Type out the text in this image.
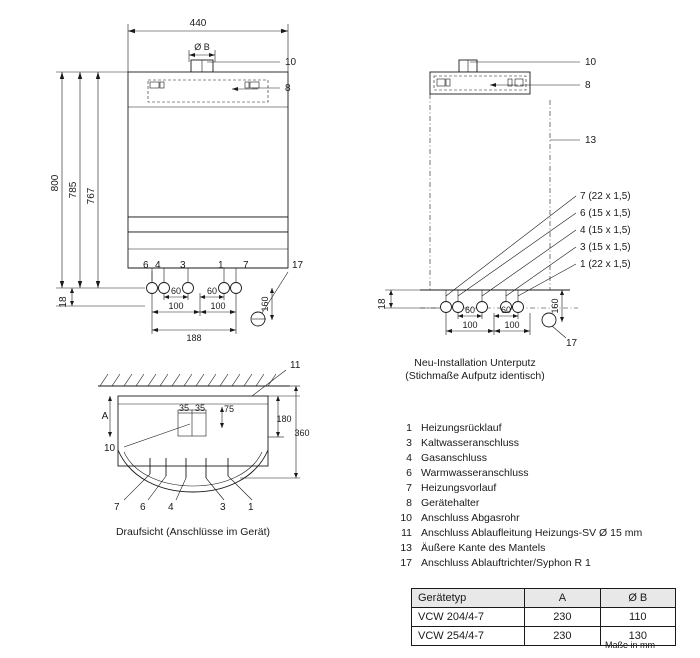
440
Ø B
6 4 3	1 7
10
8
17
800 785 767
18
60	60
100	100
188
160
17
7 (22 x 1,5)
6 (15 x 1,5)
4 (15 x 1,5)
3 (15 x 1,5)
1 (22 x 1,5)
10
8
13
18
60	60
100	100
160
Neu-Installation Unterputz
(Stichmaße Aufputz identisch)
35 35 75
7 6 4	3 1
11
10
A	180
360
Draufsicht (Anschlüsse im Gerät)
1 Heizungsrücklauf
3 Kaltwasseranschluss
4 Gasanschluss
6 Warmwasseranschluss
7 Heizungsvorlauf
8 Gerätehalter
10 Anschluss Abgasrohr
11 Anschluss Ablaufleitung Heizungs-SV Ø 15 mm
13 Äußere Kante des Mantels
17 Anschluss Ablauftrichter/Syphon R 1
Gerätetyp	A	Ø B
VCW 204/4-7	230	110
VCW 254/4-7	230	130
Maße in mm
